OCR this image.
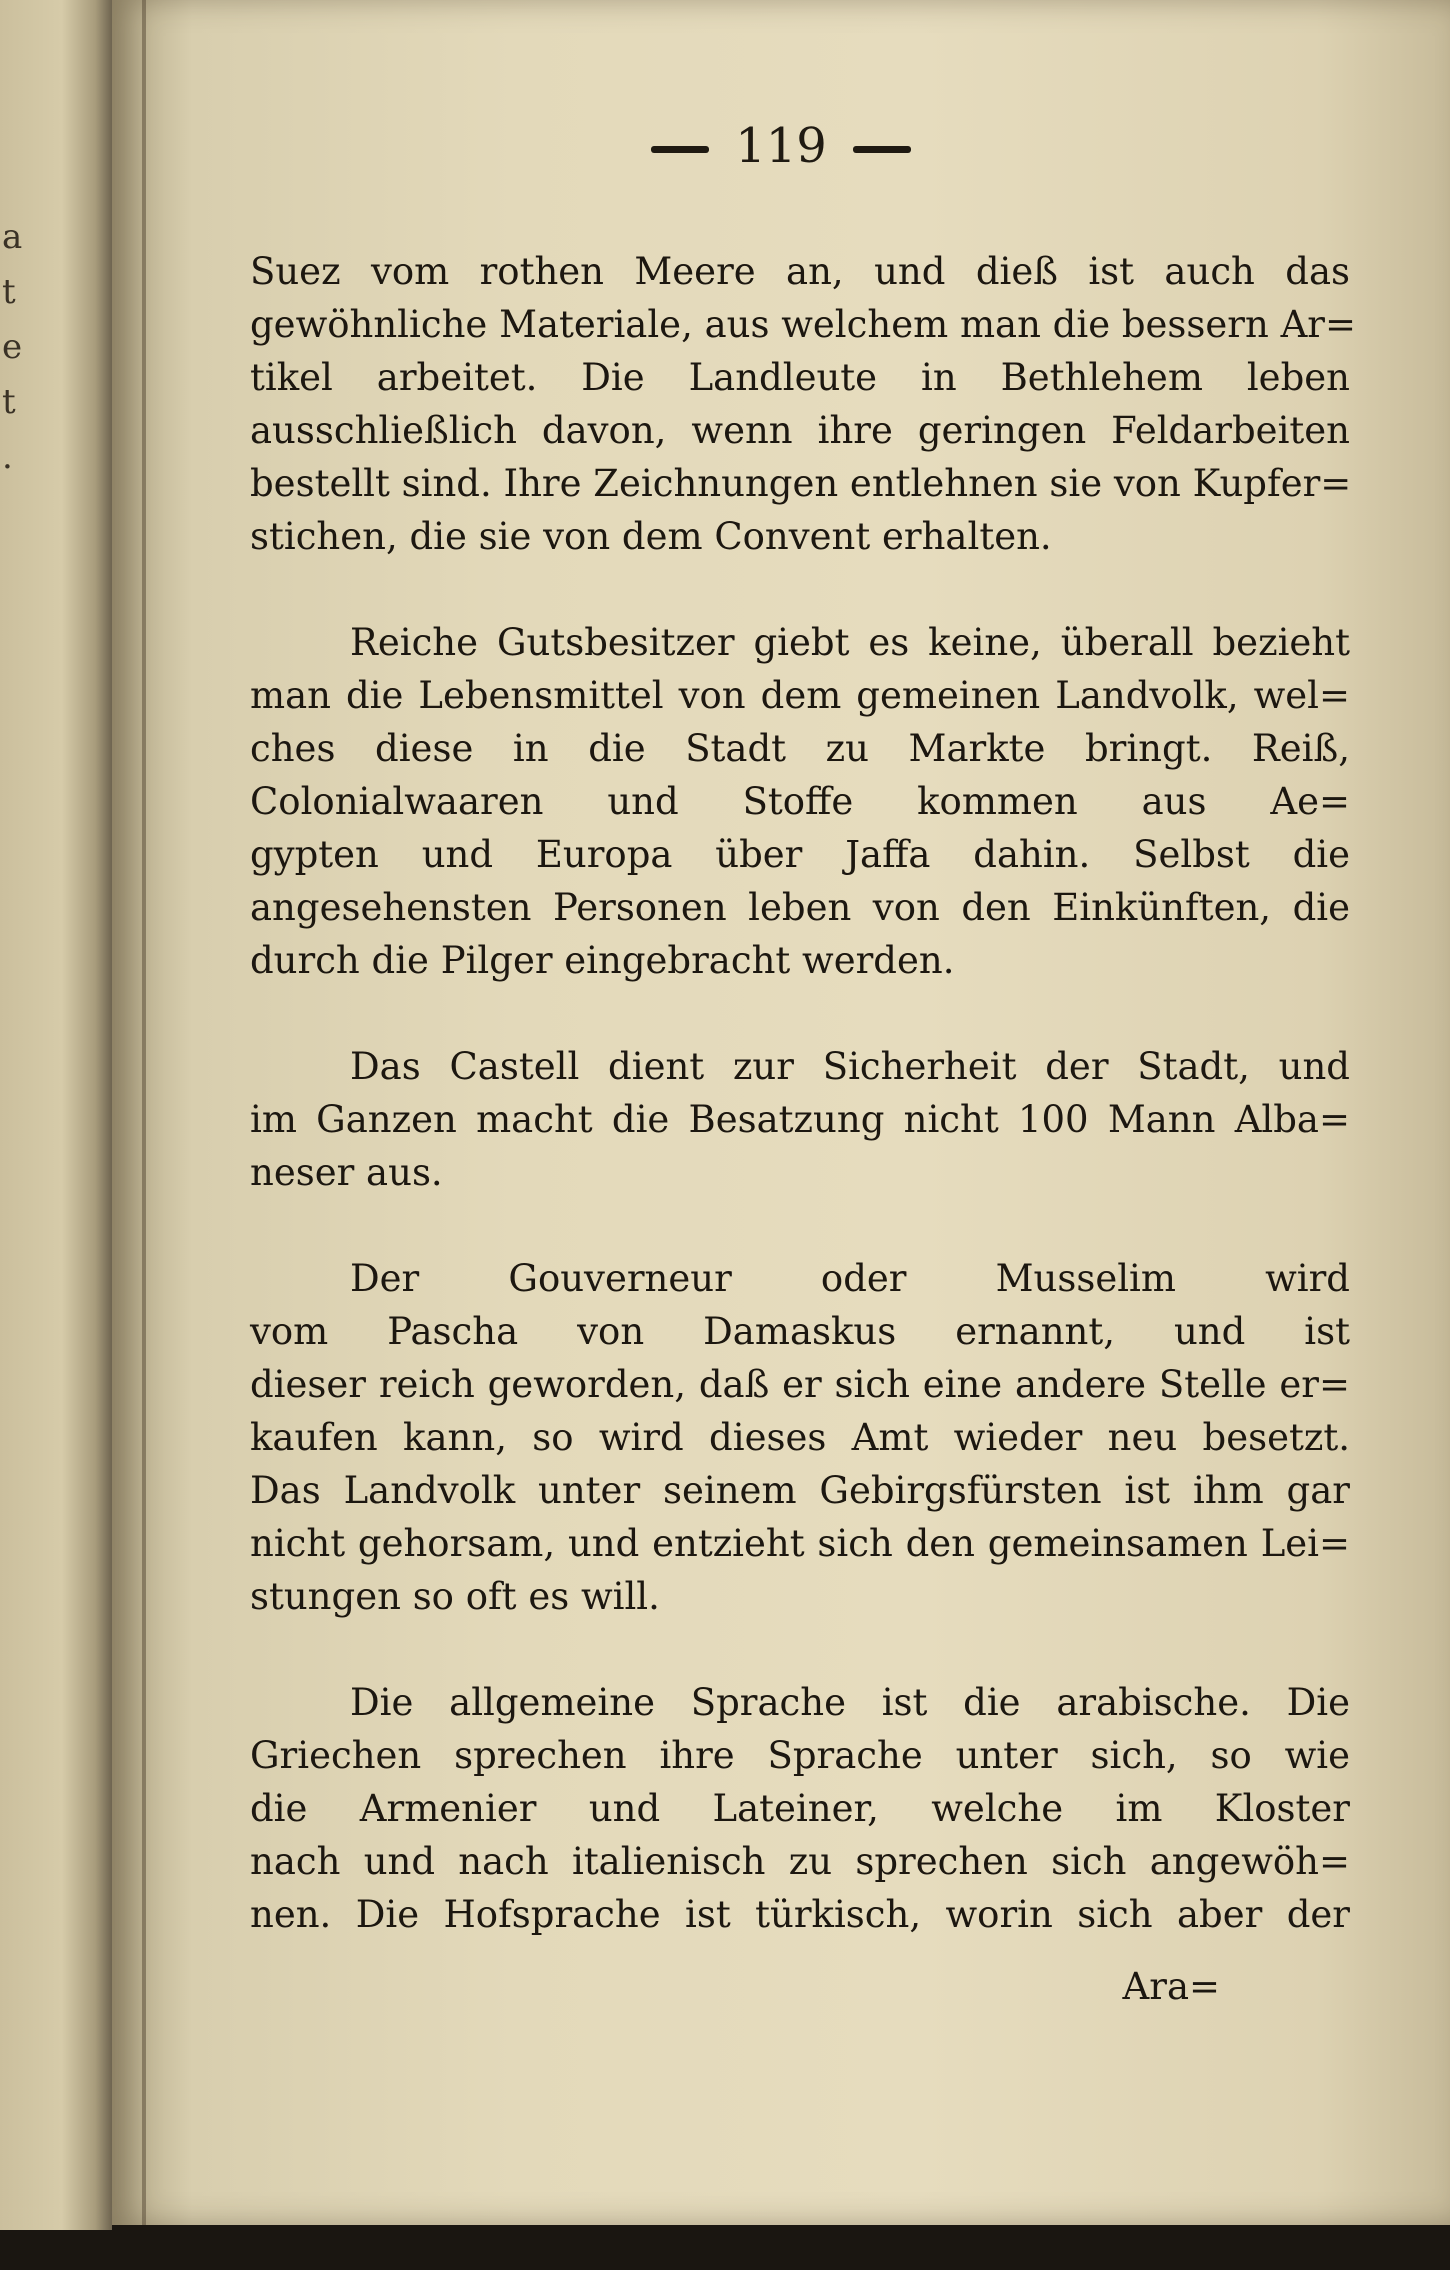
a
t
e
t
.
119

Suez vom rothen Meere an, und dieß ist auch das
gewöhnliche Materiale, aus welchem man die bessern Ar=
tikel arbeitet. Die Landleute in Bethlehem leben
ausschließlich davon, wenn ihre geringen Feldarbeiten
bestellt sind. Ihre Zeichnungen entlehnen sie von Kupfer=
stichen, die sie von dem Convent erhalten.

Reiche Gutsbesitzer giebt es keine, überall bezieht
man die Lebensmittel von dem gemeinen Landvolk, wel=
ches diese in die Stadt zu Markte bringt. Reiß,
Colonialwaaren und Stoffe kommen aus Ae=
gypten und Europa über Jaffa dahin. Selbst die
angesehensten Personen leben von den Einkünften, die
durch die Pilger eingebracht werden.

Das Castell dient zur Sicherheit der Stadt, und
im Ganzen macht die Besatzung nicht 100 Mann Alba=
neser aus.

Der Gouverneur oder Musselim wird
vom Pascha von Damaskus ernannt, und ist
dieser reich geworden, daß er sich eine andere Stelle er=
kaufen kann, so wird dieses Amt wieder neu besetzt.
Das Landvolk unter seinem Gebirgsfürsten ist ihm gar
nicht gehorsam, und entzieht sich den gemeinsamen Lei=
stungen so oft es will.

Die allgemeine Sprache ist die arabische. Die
Griechen sprechen ihre Sprache unter sich, so wie
die Armenier und Lateiner, welche im Kloster
nach und nach italienisch zu sprechen sich angewöh=
nen. Die Hofsprache ist türkisch, worin sich aber der

Ara=
